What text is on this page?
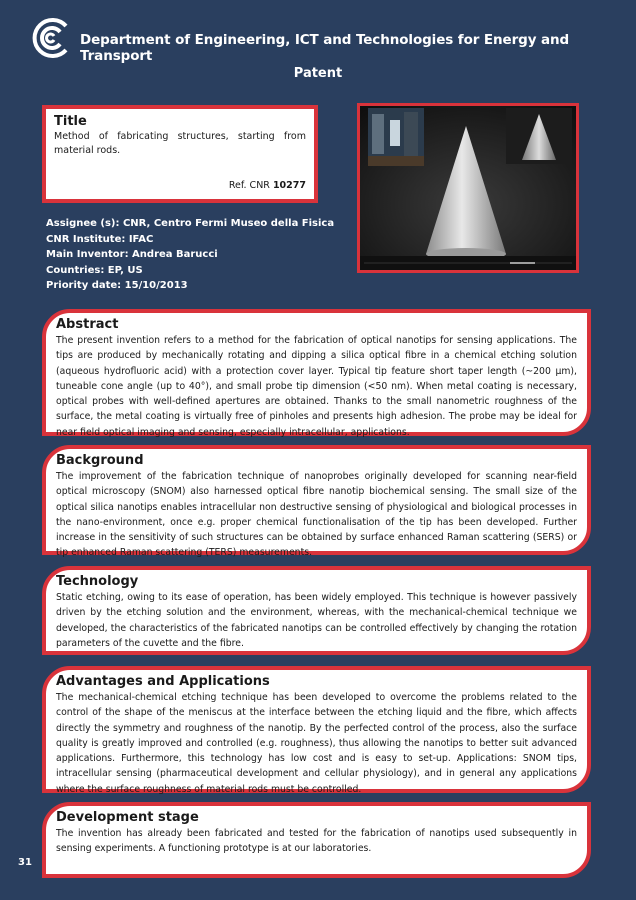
Department of Engineering, ICT and Technologies for Energy and Transport
Patent
Title
Method of fabricating structures, starting from material rods.
Ref. CNR 10277
Assignee (s): CNR, Centro Fermi Museo della Fisica
CNR Institute: IFAC
Main Inventor: Andrea Barucci
Countries: EP, US
Priority date: 15/10/2013
Abstract

The present invention refers to a method for the fabrication of optical nanotips for sensing applications. The tips are produced by mechanically rotating and dipping a silica optical fibre in a chemical etching solution (aqueous hydrofluoric acid) with a protection cover layer. Typical tip feature short taper length (~200 µm), tuneable cone angle (up to 40°), and small probe tip dimension (<50 nm). When metal coating is necessary, optical probes with well-defined apertures are obtained. Thanks to the small nanometric roughness of the surface, the metal coating is virtually free of pinholes and presents high adhesion. The probe may be ideal for near field optical imaging and sensing, especially intracellular, applications.

Background

The improvement of the fabrication technique of nanoprobes originally developed for scanning near-field optical microscopy (SNOM) also harnessed optical fibre nanotip biochemical sensing. The small size of the optical silica nanotips enables intracellular non destructive sensing of physiological and biological processes in the nano-environment, once e.g. proper chemical functionalisation of the tip has been developed. Further increase in the sensitivity of such structures can be obtained by surface enhanced Raman scattering (SERS) or tip enhanced Raman scattering (TERS) measurements.

Technology

Static etching, owing to its ease of operation, has been widely employed. This technique is however passively driven by the etching solution and the environment, whereas, with the mechanical-chemical technique we developed, the characteristics of the fabricated nanotips can be controlled effectively by changing the rotation parameters of the cuvette and the fibre.

Advantages and Applications

The mechanical-chemical etching technique has been developed to overcome the problems related to the control of the shape of the meniscus at the interface between the etching liquid and the fibre, which affects directly the symmetry and roughness of the nanotip. By the perfected control of the process, also the surface quality is greatly improved and controlled (e.g. roughness), thus allowing the nanotips to better suit advanced applications. Furthermore, this technology has low cost and is easy to set-up. Applications: SNOM tips, intracellular sensing (pharmaceutical development and cellular physiology), and in general any applications where the surface roughness of material rods must be controlled.

Development stage

The invention has already been fabricated and tested for the fabrication of nanotips used subsequently in sensing experiments. A functioning prototype is at our laboratories.

31
